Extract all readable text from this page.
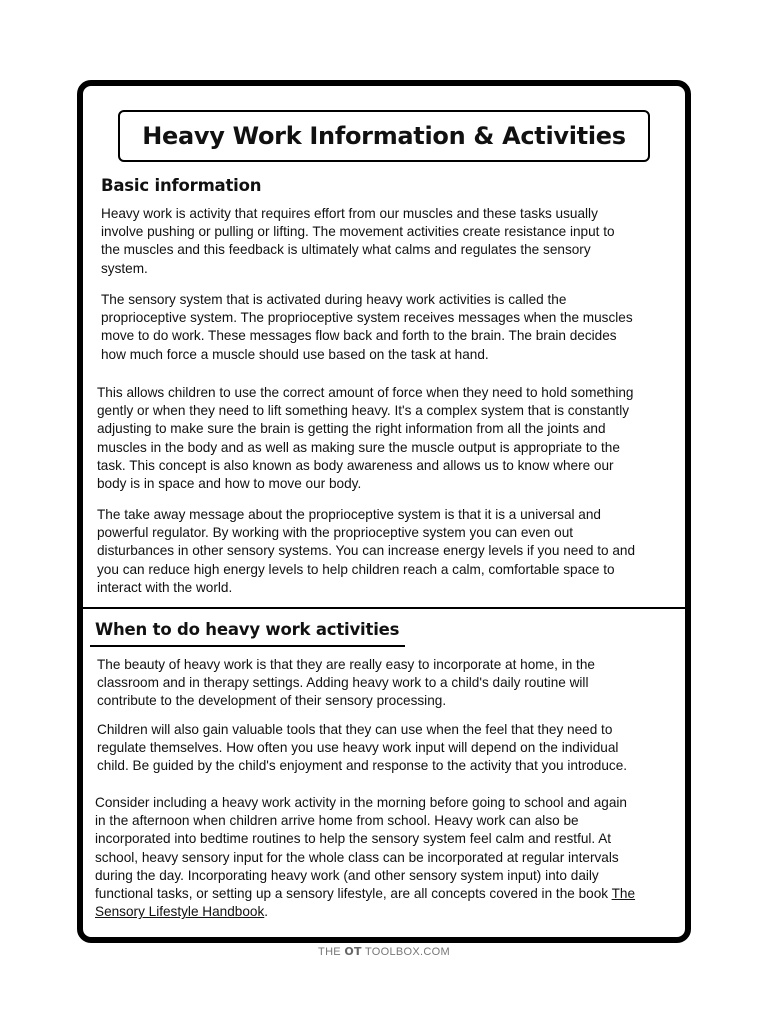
Heavy Work Information & Activities
Basic information
Heavy work is activity that requires effort from our muscles and these tasks usually
involve pushing or pulling or lifting. The movement activities create resistance input to
the muscles and this feedback is ultimately what calms and regulates the sensory
system.
The sensory system that is activated during heavy work activities is called the
proprioceptive system. The proprioceptive system receives messages when the muscles
move to do work. These messages flow back and forth to the brain. The brain decides
how much force a muscle should use based on the task at hand.
This allows children to use the correct amount of force when they need to hold something
gently or when they need to lift something heavy. It's a complex system that is constantly
adjusting to make sure the brain is getting the right information from all the joints and
muscles in the body and as well as making sure the muscle output is appropriate to the
task. This concept is also known as body awareness and allows us to know where our
body is in space and how to move our body.
The take away message about the proprioceptive system is that it is a universal and
powerful regulator. By working with the proprioceptive system you can even out
disturbances in other sensory systems. You can increase energy levels if you need to and
you can reduce high energy levels to help children reach a calm, comfortable space to
interact with the world.
When to do heavy work activities
The beauty of heavy work is that they are really easy to incorporate at home, in the
classroom and in therapy settings. Adding heavy work to a child's daily routine will
contribute to the development of their sensory processing.
Children will also gain valuable tools that they can use when the feel that they need to
regulate themselves. How often you use heavy work input will depend on the individual
child. Be guided by the child's enjoyment and response to the activity that you introduce.
Consider including a heavy work activity in the morning before going to school and again
in the afternoon when children arrive home from school. Heavy work can also be
incorporated into bedtime routines to help the sensory system feel calm and restful. At
school, heavy sensory input for the whole class can be incorporated at regular intervals
during the day. Incorporating heavy work (and other sensory system input) into daily
functional tasks, or setting up a sensory lifestyle, are all concepts covered in the book The
Sensory Lifestyle Handbook.
THE OT TOOLBOX.COM
